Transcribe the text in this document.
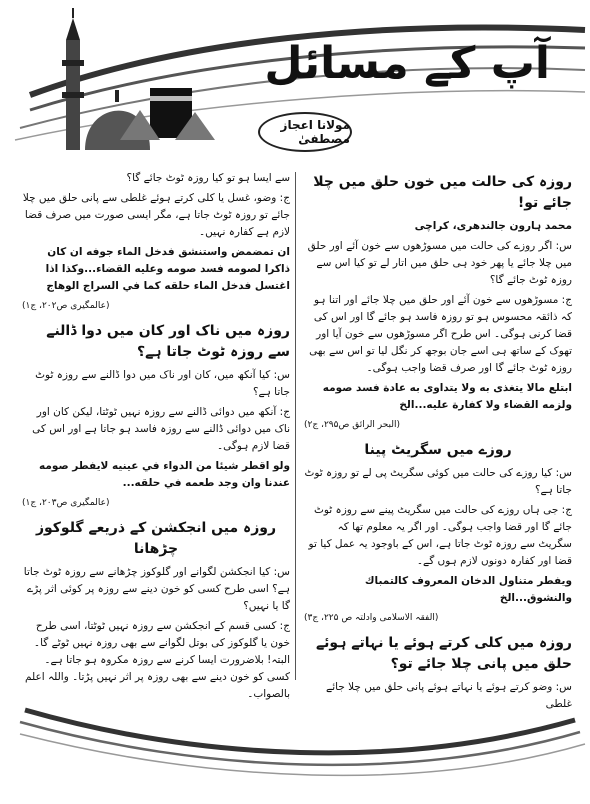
آپ کے مسائل
مولانا اعجاز مصطفیٰ
روزہ کی حالت میں خون حلق میں چلا جائے تو!
محمد ہارون جالندھری، کراچی
س: اگر روزے کی حالت میں مسوڑھوں سے خون آئے اور حلق میں چلا جائے یا پھر خود ہی حلق میں اتار لے تو کیا اس سے روزہ ٹوٹ جائے گا؟
ج: مسوڑھوں سے خون آئے اور حلق میں چلا جائے اور اتنا ہو کہ ذائقہ محسوس ہو تو روزہ فاسد ہو جائے گا اور اس کی قضا کرنی ہوگی۔ اس طرح اگر مسوڑھوں سے خون آیا اور تھوک کے ساتھ ہی اسے جان بوجھ کر نگل لیا تو اس سے بھی روزہ ٹوٹ جائے گا اور صرف قضا واجب ہوگی۔
ابتلع مالا يتغذى به ولا يتداوى به عادة فسد صومه ولزمه القضاء ولا كفارة عليه...الخ
(البحر الرائق ص۲۹۵، ج۲)
روزے میں سگریٹ پینا
س: کیا روزے کی حالت میں کوئی سگریٹ پی لے تو روزہ ٹوٹ جاتا ہے؟
ج: جی ہاں روزے کی حالت میں سگریٹ پینے سے روزہ ٹوٹ جائے گا اور قضا واجب ہوگی۔ اور اگر یہ معلوم تھا کہ سگریٹ سے روزہ ٹوٹ جاتا ہے، اس کے باوجود یہ عمل کیا تو قضا اور کفارہ دونوں لازم ہوں گے۔
ويفطر متناول الدخان المعروف كالتمباك والنشوق...الخ
(الفقہ الاسلامی وادلتہ ص ۲۲۵، ج۳)
روزہ میں کلی کرتے ہوئے یا نہاتے ہوئے حلق میں پانی چلا جائے تو؟
س: وضو کرتے ہوئے یا نہاتے ہوئے پانی حلق میں چلا جائے غلطی
سے ایسا ہو تو کیا روزہ ٹوٹ جائے گا؟
ج: وضو، غسل یا کلی کرتے ہوئے غلطی سے پانی حلق میں چلا جائے تو روزہ ٹوٹ جاتا ہے، مگر ایسی صورت میں صرف قضا لازم ہے کفارہ نہیں۔
ان تمضمض واستنشق فدخل الماء جوفه ان كان ذاكرا لصومه فسد صومه وعليه القضاء...وكذا اذا اغتسل فدخل الماء حلقه كما في السراج الوهاج
(عالمگیری ص۲۰۲، ج۱)
روزہ میں ناک اور کان میں دوا ڈالنے سے روزہ ٹوٹ جاتا ہے؟
س: کیا آنکھ میں، کان اور ناک میں دوا ڈالنے سے روزہ ٹوٹ جاتا ہے؟
ج: آنکھ میں دوائی ڈالنے سے روزہ نہیں ٹوٹتا، لیکن کان اور ناک میں دوائی ڈالنے سے روزہ فاسد ہو جاتا ہے اور اس کی قضا لازم ہوگی۔
ولو اقطر شيئا من الدواء في عينيه لايفطر صومه عندنا وان وجد طعمه في حلقه...
(عالمگیری ص۲۰۳، ج۱)
روزہ میں انجکشن کے ذریعے گلوکوز چڑھانا
س: کیا انجکشن لگوانے اور گلوکوز چڑھانے سے روزہ ٹوٹ جاتا ہے؟ اسی طرح کسی کو خون دینے سے روزہ پر کوئی اثر پڑے گا یا نہیں؟
ج: کسی قسم کے انجکشن سے روزہ نہیں ٹوٹتا، اسی طرح خون یا گلوکوز کی بوتل لگوانے سے بھی روزہ نہیں ٹوٹے گا۔ البتہ! بلاضرورت ایسا کرنے سے روزہ مکروہ ہو جاتا ہے۔ کسی کو خون دینے سے بھی روزہ پر اثر نہیں پڑتا۔ واللہ اعلم بالصواب۔
